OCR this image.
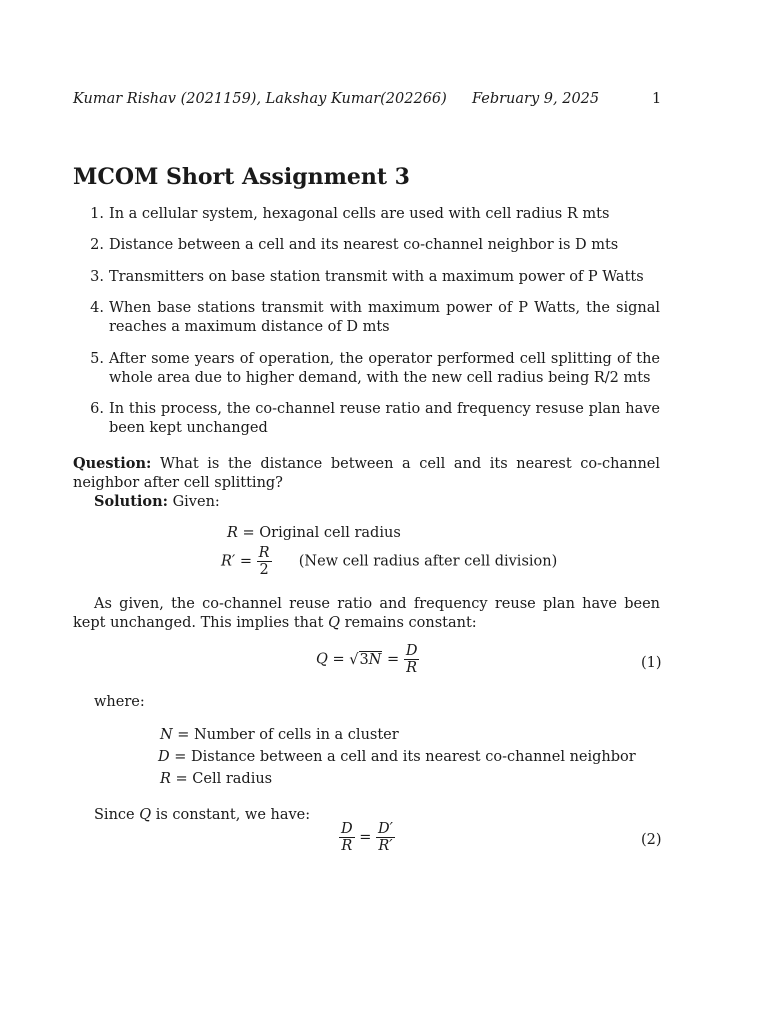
Kumar Rishav (2021159), Lakshay Kumar(202266) February 9, 2025	1
MCOM Short Assignment 3
1. In a cellular system, hexagonal cells are used with cell radius R mts
2. Distance between a cell and its nearest co-channel neighbor is D mts
3. Transmitters on base station transmit with a maximum power of P Watts
4. When base stations transmit with maximum power of P Watts, the signal reaches a maximum distance of D mts
5. After some years of operation, the operator performed cell splitting of the whole area due to higher demand, with the new cell radius being R/2 mts
6. In this process, the co-channel reuse ratio and frequency resuse plan have been kept unchanged
Question: What is the distance between a cell and its nearest co-channel neighbor after cell splitting?
Solution: Given:
R = Original cell radius
$R' = \frac{R}{2} (New$ cell radius after cell division)
As given, the co-channel reuse ratio and frequency reuse plan have been kept unchanged. This implies that Q remains constant:
$Q = √3N = \frac{D}{R}$	(1)
where:
N = Number of cells in a cluster
D = Distance between a cell and its nearest co-channel neighbor
R = Cell radius
Since Q is constant, we have:
$\frac{D}{R} = \frac{D'}{R'}$	(2)
